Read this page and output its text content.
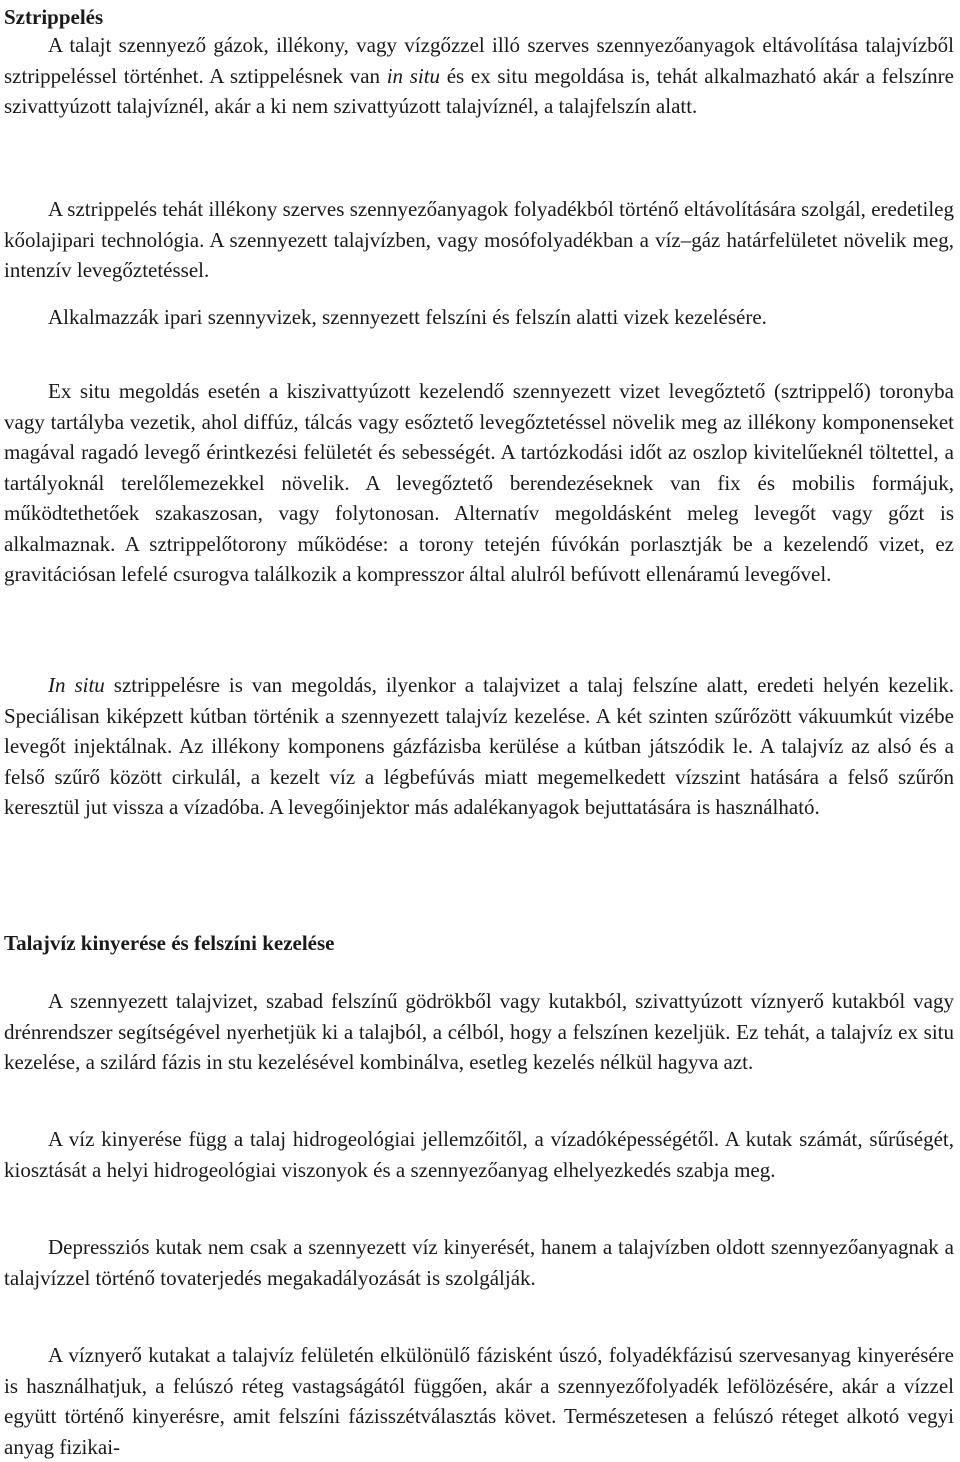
Sztrippelés

A talajt szennyező gázok, illékony, vagy vízgőzzel illó szerves szennyezőanyagok eltávolítása talajvízből sztrippeléssel történhet. A sztippelésnek van in situ és ex situ megoldása is, tehát alkalmazható akár a felszínre szivattyúzott talajvíznél, akár a ki nem szivattyúzott talajvíznél, a talajfelszín alatt.

A sztrippelés tehát illékony szerves szennyezőanyagok folyadékból történő eltávolítására szolgál, eredetileg kőolajipari technológia. A szennyezett talajvízben, vagy mosófolyadékban a víz–gáz határfelületet növelik meg, intenzív levegőztetéssel.

Alkalmazzák ipari szennyvizek, szennyezett felszíni és felszín alatti vizek kezelésére.

Ex situ megoldás esetén a kiszivattyúzott kezelendő szennyezett vizet levegőztető (sztrippelő) toronyba vagy tartályba vezetik, ahol diffúz, tálcás vagy esőztető levegőztetéssel növelik meg az illékony komponenseket magával ragadó levegő érintkezési felületét és sebességét. A tartózkodási időt az oszlop kivitelűeknél töltettel, a tartályoknál terelőlemezekkel növelik. A levegőztető berendezéseknek van fix és mobilis formájuk, működtethetőek szakaszosan, vagy folytonosan. Alternatív megoldásként meleg levegőt vagy gőzt is alkalmaznak. A sztrippelőtorony működése: a torony tetején fúvókán porlasztják be a kezelendő vizet, ez gravitációsan lefelé csurogva találkozik a kompresszor által alulról befúvott ellenáramú levegővel.

In situ sztrippelésre is van megoldás, ilyenkor a talajvizet a talaj felszíne alatt, eredeti helyén kezelik. Speciálisan kiképzett kútban történik a szennyezett talajvíz kezelése. A két szinten szűrőzött vákuumkút vizébe levegőt injektálnak. Az illékony komponens gázfázisba kerülése a kútban játszódik le. A talajvíz az alsó és a felső szűrő között cirkulál, a kezelt víz a légbefúvás miatt megemelkedett vízszint hatására a felső szűrőn keresztül jut vissza a vízadóba. A levegőinjektor más adalékanyagok bejuttatására is használható.

Talajvíz kinyerése és felszíni kezelése

A szennyezett talajvizet, szabad felszínű gödrökből vagy kutakból, szivattyúzott víznyerő kutakból vagy drénrendszer segítségével nyerhetjük ki a talajból, a célból, hogy a felszínen kezeljük. Ez tehát, a talajvíz ex situ kezelése, a szilárd fázis in stu kezelésével kombinálva, esetleg kezelés nélkül hagyva azt.

A víz kinyerése függ a talaj hidrogeológiai jellemzőitől, a vízadóképességétől. A kutak számát, sűrűségét, kiosztását a helyi hidrogeológiai viszonyok és a szennyezőanyag elhelyezkedés szabja meg.

Depressziós kutak nem csak a szennyezett víz kinyerését, hanem a talajvízben oldott szennyezőanyagnak a talajvízzel történő tovaterjedés megakadályozását is szolgálják.

A víznyerő kutakat a talajvíz felületén elkülönülő fázisként úszó, folyadékfázisú szervesanyag kinyerésére is használhatjuk, a felúszó réteg vastagságától függően, akár a szennyezőfolyadék lefölözésére, akár a vízzel együtt történő kinyerésre, amit felszíni fázisszétválasztás követ. Természetesen a felúszó réteget alkotó vegyi anyag fizikai-
